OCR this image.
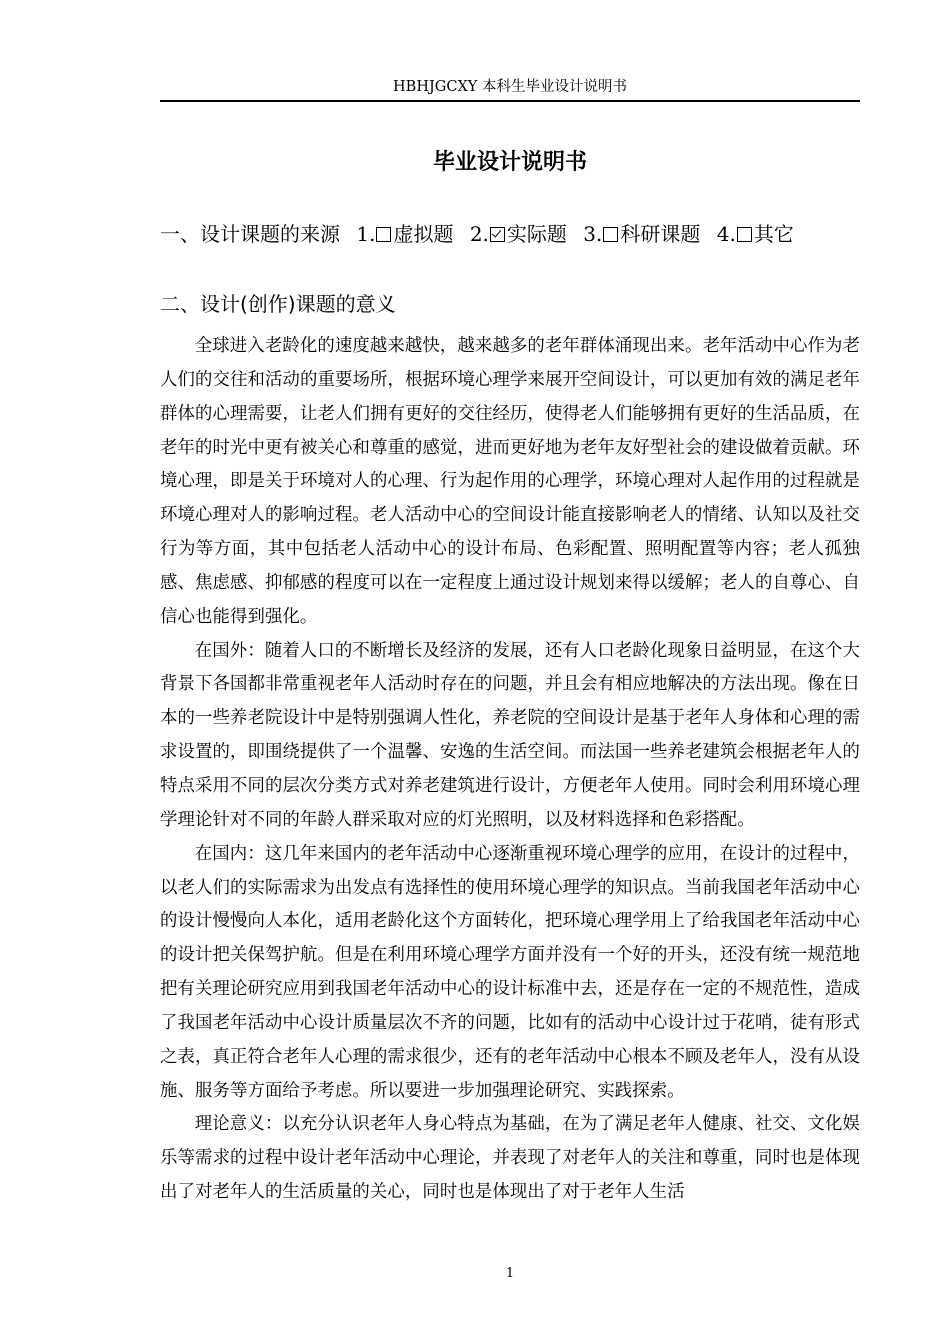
HBHJGCXY 本科生毕业设计说明书
毕业设计说明书
一、设计课题的来源 1. 虚拟题 2. 实际题 3. 科研课题 4. 其它
二、设计(创作)课题的意义

全球进入老龄化的速度越来越快，越来越多的老年群体涌现出来。老年活动中心作为老人们的交往和活动的重要场所，根据环境心理学来展开空间设计，可以更加有效的满足老年群体的心理需要，让老人们拥有更好的交往经历，使得老人们能够拥有更好的生活品质，在老年的时光中更有被关心和尊重的感觉，进而更好地为老年友好型社会的建设做着贡献。环境心理，即是关于环境对人的心理、行为起作用的心理学，环境心理对人起作用的过程就是环境心理对人的影响过程。老人活动中心的空间设计能直接影响老人的情绪、认知以及社交行为等方面，其中包括老人活动中心的设计布局、色彩配置、照明配置等内容；老人孤独感、焦虑感、抑郁感的程度可以在一定程度上通过设计规划来得以缓解；老人的自尊心、自信心也能得到强化。

在国外：随着人口的不断增长及经济的发展，还有人口老龄化现象日益明显，在这个大背景下各国都非常重视老年人活动时存在的问题，并且会有相应地解决的方法出现。像在日本的一些养老院设计中是特别强调人性化，养老院的空间设计是基于老年人身体和心理的需求设置的，即围绕提供了一个温馨、安逸的生活空间。而法国一些养老建筑会根据老年人的特点采用不同的层次分类方式对养老建筑进行设计，方便老年人使用。同时会利用环境心理学理论针对不同的年龄人群采取对应的灯光照明，以及材料选择和色彩搭配。

在国内：这几年来国内的老年活动中心逐渐重视环境心理学的应用，在设计的过程中，以老人们的实际需求为出发点有选择性的使用环境心理学的知识点。当前我国老年活动中心的设计慢慢向人本化，适用老龄化这个方面转化，把环境心理学用上了给我国老年活动中心的设计把关保驾护航。但是在利用环境心理学方面并没有一个好的开头，还没有统一规范地把有关理论研究应用到我国老年活动中心的设计标准中去，还是存在一定的不规范性，造成了我国老年活动中心设计质量层次不齐的问题，比如有的活动中心设计过于花哨，徒有形式之表，真正符合老年人心理的需求很少，还有的老年活动中心根本不顾及老年人，没有从设施、服务等方面给予考虑。所以要进一步加强理论研究、实践探索。

理论意义：以充分认识老年人身心特点为基础，在为了满足老年人健康、社交、文化娱乐等需求的过程中设计老年活动中心理论，并表现了对老年人的关注和尊重，同时也是体现出了对老年人的生活质量的关心，同时也是体现出了对于老年人生活

1
